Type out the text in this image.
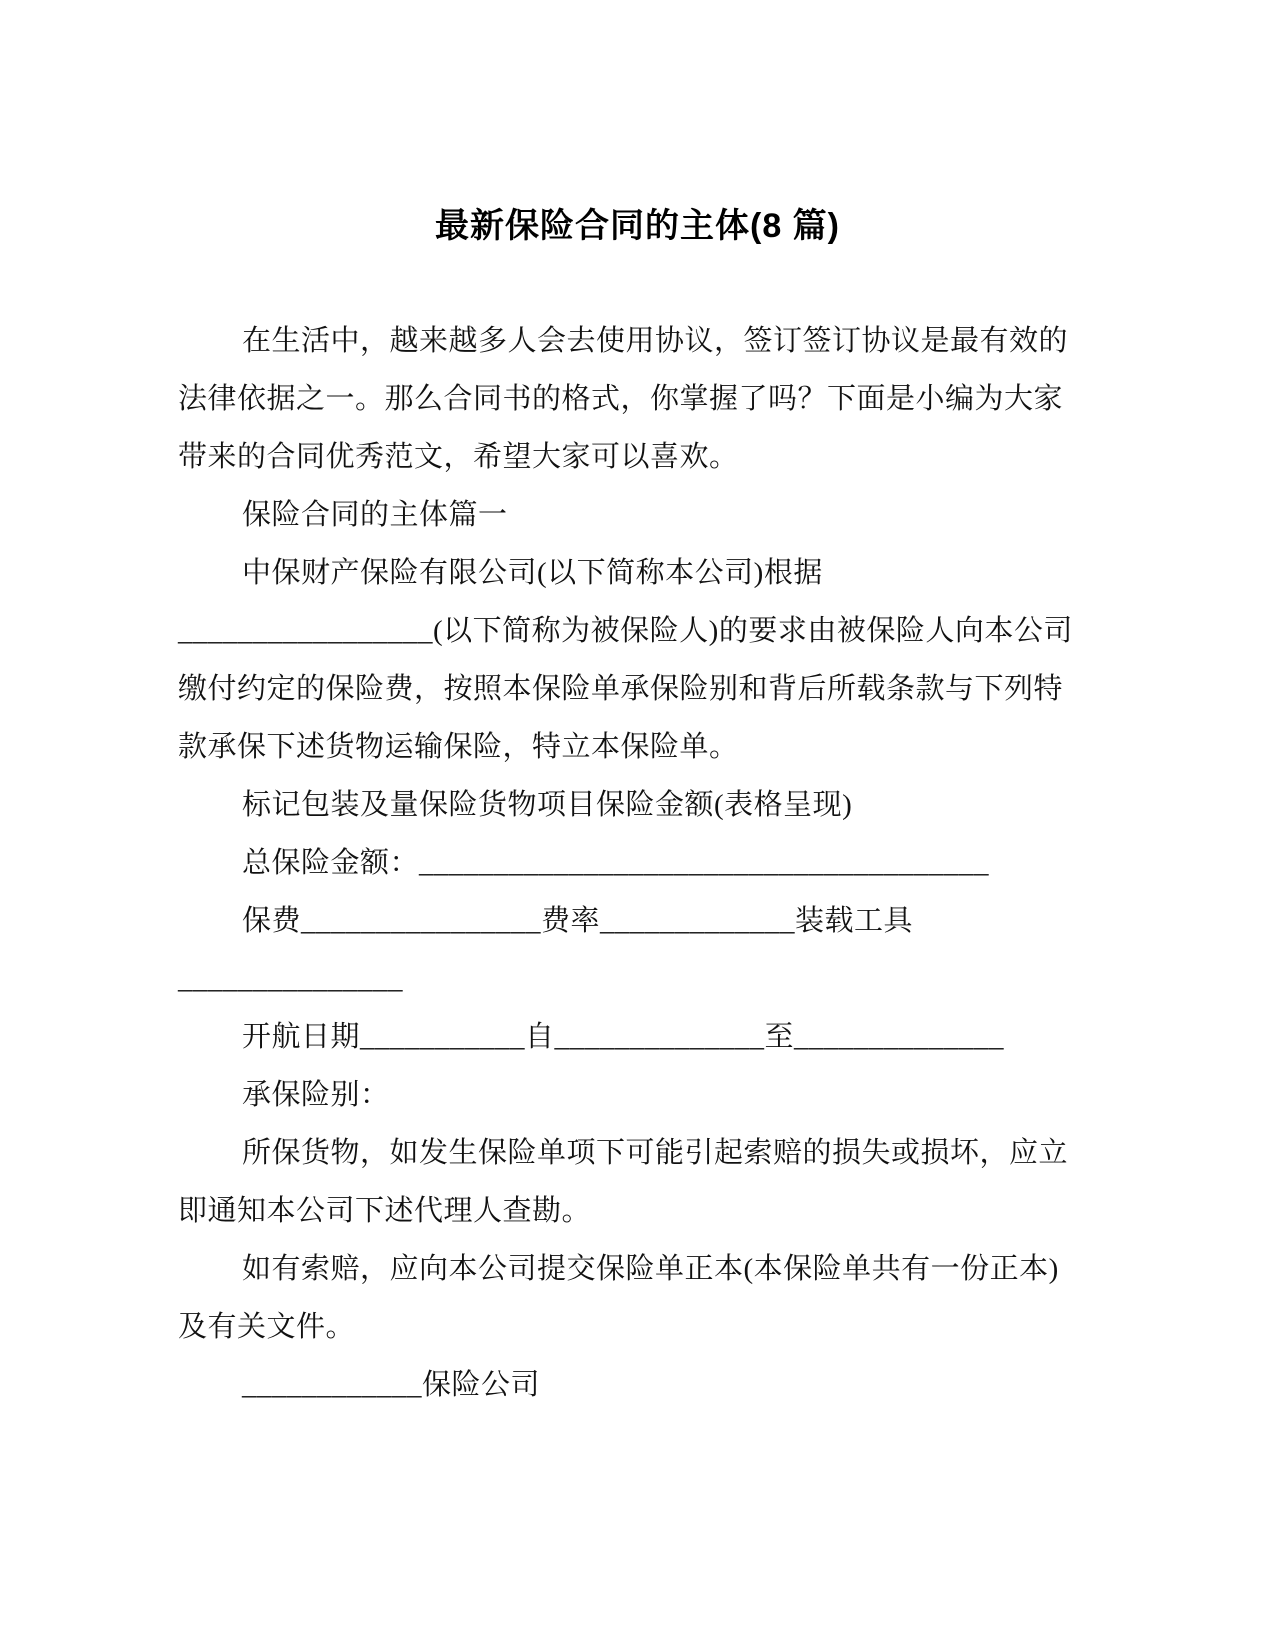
最新保险合同的主体(8 篇)
在生活中，越来越多人会去使用协议，签订签订协议是最有效的
法律依据之一。那么合同书的格式，你掌握了吗？下面是小编为大家
带来的合同优秀范文，希望大家可以喜欢。
保险合同的主体篇一
中保财产保险有限公司(以下简称本公司)根据
_________________(以下简称为被保险人)的要求由被保险人向本公司
缴付约定的保险费，按照本保险单承保险别和背后所载条款与下列特
款承保下述货物运输保险，特立本保险单。
标记包装及量保险货物项目保险金额(表格呈现)
总保险金额：______________________________________
保费________________费率_____________装载工具
_______________
开航日期___________自______________至______________
承保险别：
所保货物，如发生保险单项下可能引起索赔的损失或损坏，应立
即通知本公司下述代理人查勘。
如有索赔，应向本公司提交保险单正本(本保险单共有一份正本)
及有关文件。
____________保险公司
